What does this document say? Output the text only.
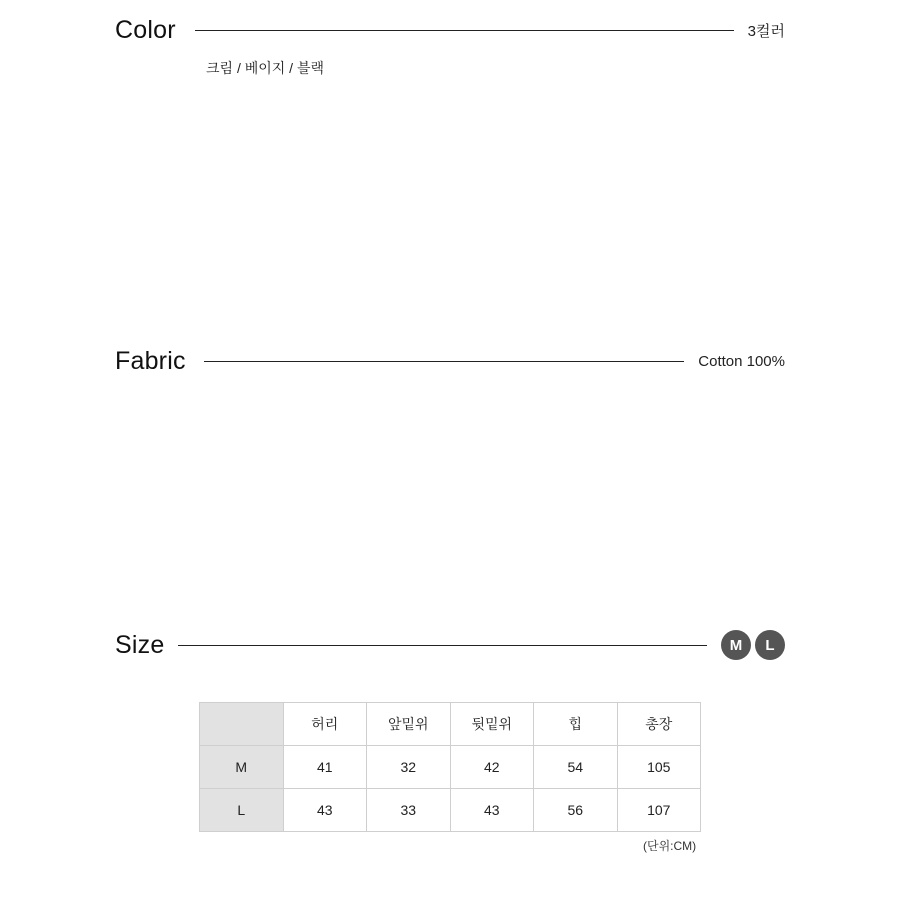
Color	3컬러
크림 / 베이지 / 블랙
Fabric	Cotton 100%
Size	M	L
	허리	앞밑위	뒷밑위	힙	총장
M	41	32	42	54	105
L	43	33	43	56	107
(단위:CM)
